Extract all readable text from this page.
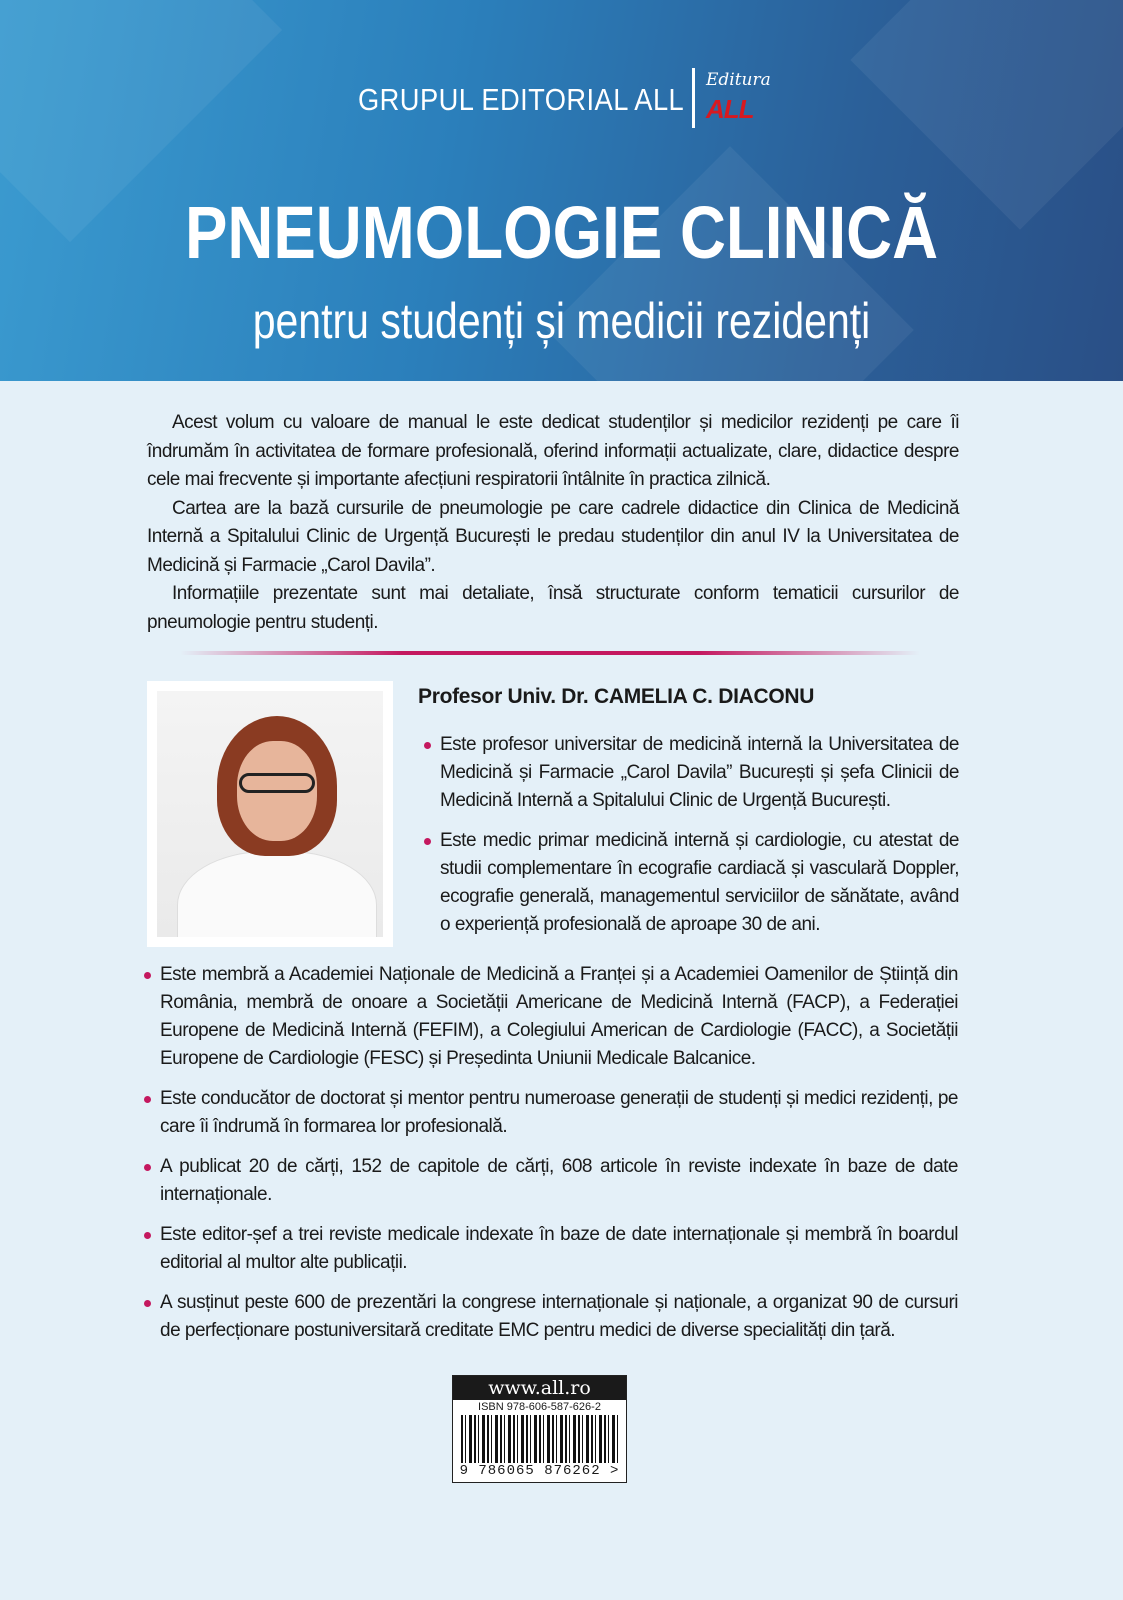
GRUPUL EDITORIAL ALL
Editura
ALL
PNEUMOLOGIE CLINICĂ
pentru studenți și medicii rezidenți

Acest volum cu valoare de manual le este dedicat studenților și medicilor rezidenți pe care îi îndrumăm în activitatea de formare profesională, oferind informații actualizate, clare, didactice despre cele mai frecvente și importante afecțiuni respiratorii întâlnite în practica zilnică.

Cartea are la bază cursurile de pneumologie pe care cadrele didactice din Clinica de Medicină Internă a Spitalului Clinic de Urgență București le predau studenților din anul IV la Universitatea de Medicină și Farmacie „Carol Davila”.

Informațiile prezentate sunt mai detaliate, însă structurate conform tematicii cursurilor de pneumologie pentru studenți.

Profesor Univ. Dr. CAMELIA C. DIACONU
Este profesor universitar de medicină internă la Universitatea de Medicină și Farmacie „Carol Davila” București și șefa Clinicii de Medicină Internă a Spitalului Clinic de Urgență București.
Este medic primar medicină internă și cardiologie, cu atestat de studii complementare în ecografie cardiacă și vasculară Doppler, ecografie generală, managementul serviciilor de sănătate, având o experiență profesională de aproape 30 de ani.
Este membră a Academiei Naționale de Medicină a Franței și a Academiei Oamenilor de Știință din România, membră de onoare a Societății Americane de Medicină Internă (FACP), a Federației Europene de Medicină Internă (FEFIM), a Colegiului American de Cardiologie (FACC), a Societății Europene de Cardiologie (FESC) și Președinta Uniunii Medicale Balcanice.
Este conducător de doctorat și mentor pentru numeroase generații de studenți și medici rezidenți, pe care îi îndrumă în formarea lor profesională.
A publicat 20 de cărți, 152 de capitole de cărți, 608 articole în reviste indexate în baze de date internaționale.
Este editor-șef a trei reviste medicale indexate în baze de date internaționale și membră în boardul editorial al multor alte publicații.
A susținut peste 600 de prezentări la congrese internaționale și naționale, a organizat 90 de cursuri de perfecționare postuniversitară creditate EMC pentru medici de diverse specialități din țară.
www.all.ro
ISBN 978-606-587-626-2
9 786065 876262 >
